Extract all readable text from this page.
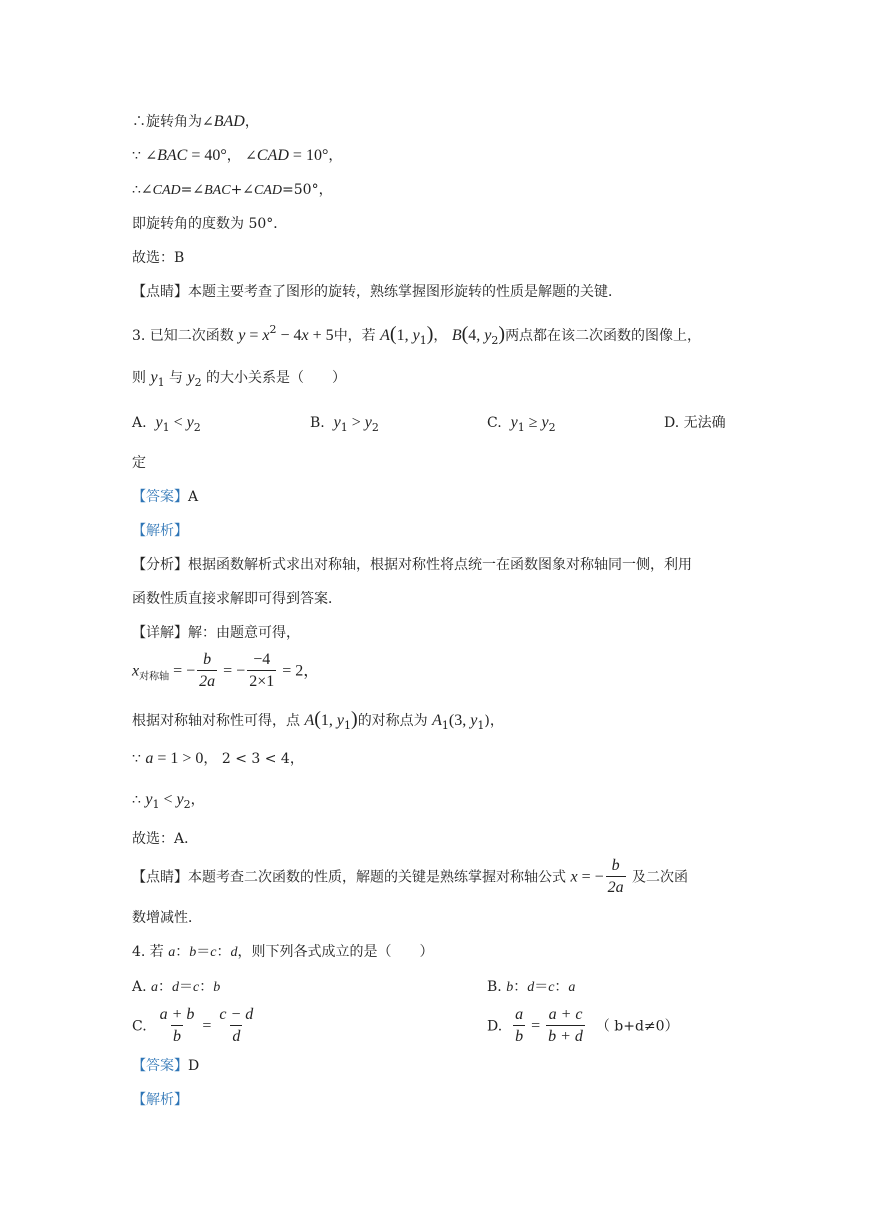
∴旋转角为∠BAD，
∵ ∠BAC = 40°， ∠CAD = 10°，
∴∠CAD=∠BAC+∠CAD=50°，
即旋转角的度数为 50°．
故选：B
【点睛】本题主要考查了图形的旋转，熟练掌握图形旋转的性质是解题的关键．
3. 已知二次函数 $y = x^2 - 4x + 5$中，若 A(1, $y_1$)， B(4, $y_2$)两点都在该二次函数的图像上，
则 $y_1$ 与 $y_2$ 的大小关系是（　　）
A. $y_1 < y_2$	B. $y_1 > y_2$	C. $y_1 \ge y_2$	D. 无法确
定
【答案】A
【解析】
【分析】根据函数解析式求出对称轴，根据对称性将点统一在函数图象对称轴同一侧，利用
函数性质直接求解即可得到答案．
【详解】解：由题意可得，
$x_{对称轴}$ = − $\frac{b}{2a}$ = − $\frac{-4}{2\times 1} = 2$，
根据对称轴对称性可得，点 A(1, $y_1$)的对称点为 $A_1(3$, $y_1$)，
∵ a = 1 > 0， 2 < 3 < 4，
∴ $y_1 < y_2$，
故选：A．
【点睛】本题考查二次函数的性质，解题的关键是熟练掌握对称轴公式 x = − $\frac{b}{2a}$ 及二次函
数增减性．
4. 若 a：b＝c：d，则下列各式成立的是（　　）
A. a：d＝c：b	B. b：d＝c：a
C. $\frac{a + b}{b} = \frac{c - d}{d}$	D. $\frac{a}{b} = \frac{a + c}{b + d}$ （ b+d≠0）
【答案】D
【解析】
